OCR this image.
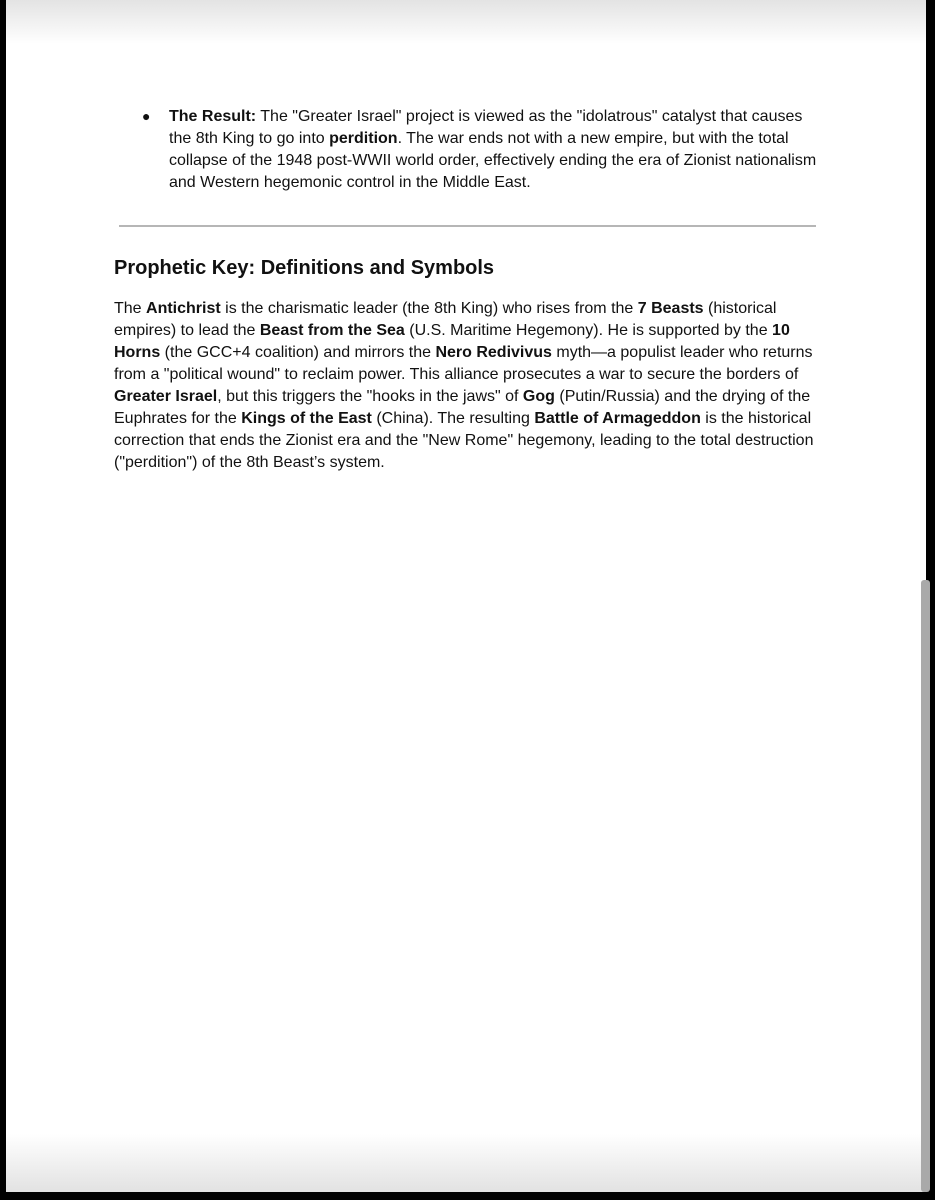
● The Result: The "Greater Israel" project is viewed as the "idolatrous" catalyst that causes the 8th King to go into perdition. The war ends not with a new empire, but with the total collapse of the 1948 post-WWII world order, effectively ending the era of Zionist nationalism and Western hegemonic control in the Middle East.

Prophetic Key: Definitions and Symbols

The Antichrist is the charismatic leader (the 8th King) who rises from the 7 Beasts (historical empires) to lead the Beast from the Sea (U.S. Maritime Hegemony). He is supported by the 10 Horns (the GCC+4 coalition) and mirrors the Nero Redivivus myth—a populist leader who returns from a "political wound" to reclaim power. This alliance prosecutes a war to secure the borders of Greater Israel, but this triggers the "hooks in the jaws" of Gog (Putin/Russia) and the drying of the Euphrates for the Kings of the East (China). The resulting Battle of Armageddon is the historical correction that ends the Zionist era and the "New Rome" hegemony, leading to the total destruction ("perdition") of the 8th Beast’s system.
